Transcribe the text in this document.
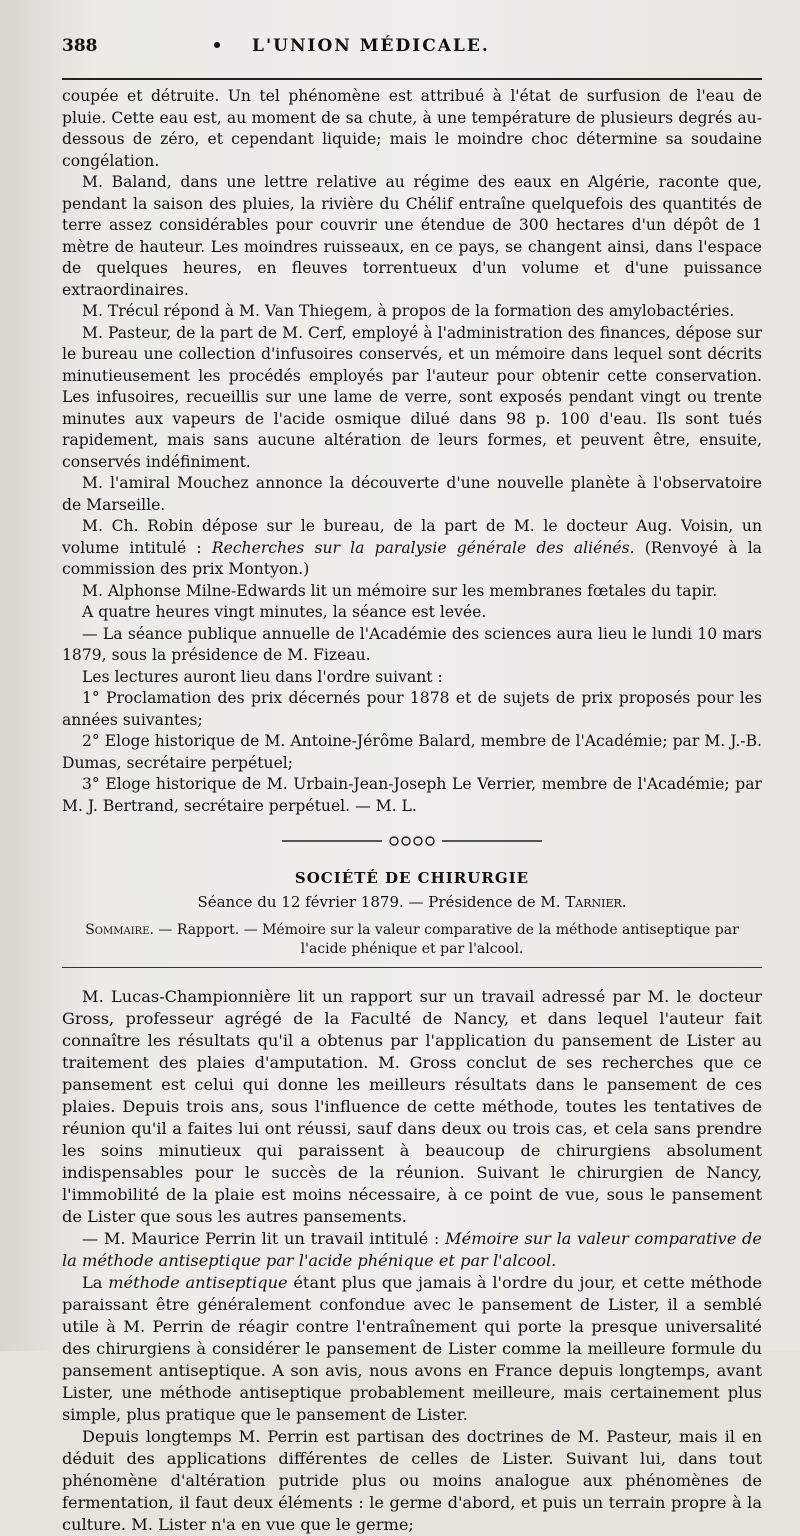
388	•	L'UNION MÉDICALE.

coupée et détruite. Un tel phénomène est attribué à l'état de surfusion de l'eau de pluie. Cette eau est, au moment de sa chute, à une température de plusieurs degrés au-dessous de zéro, et cependant liquide; mais le moindre choc détermine sa soudaine congélation.

M. Baland, dans une lettre relative au régime des eaux en Algérie, raconte que, pendant la saison des pluies, la rivière du Chélif entraîne quelquefois des quantités de terre assez considérables pour couvrir une étendue de 300 hectares d'un dépôt de 1 mètre de hauteur. Les moindres ruisseaux, en ce pays, se changent ainsi, dans l'espace de quelques heures, en fleuves torrentueux d'un volume et d'une puissance extraordinaires.

M. Trécul répond à M. Van Thiegem, à propos de la formation des amylobactéries.

M. Pasteur, de la part de M. Cerf, employé à l'administration des finances, dépose sur le bureau une collection d'infusoires conservés, et un mémoire dans lequel sont décrits minutieusement les procédés employés par l'auteur pour obtenir cette conservation. Les infusoires, recueillis sur une lame de verre, sont exposés pendant vingt ou trente minutes aux vapeurs de l'acide osmique dilué dans 98 p. 100 d'eau. Ils sont tués rapidement, mais sans aucune altération de leurs formes, et peuvent être, ensuite, conservés indéfiniment.

M. l'amiral Mouchez annonce la découverte d'une nouvelle planète à l'observatoire de Marseille.

M. Ch. Robin dépose sur le bureau, de la part de M. le docteur Aug. Voisin, un volume intitulé : Recherches sur la paralysie générale des aliénés. (Renvoyé à la commission des prix Montyon.)

M. Alphonse Milne-Edwards lit un mémoire sur les membranes fœtales du tapir.

A quatre heures vingt minutes, la séance est levée.

— La séance publique annuelle de l'Académie des sciences aura lieu le lundi 10 mars 1879, sous la présidence de M. Fizeau.

Les lectures auront lieu dans l'ordre suivant :

1° Proclamation des prix décernés pour 1878 et de sujets de prix proposés pour les années suivantes;

2° Eloge historique de M. Antoine-Jérôme Balard, membre de l'Académie; par M. J.-B. Dumas, secrétaire perpétuel;

3° Eloge historique de M. Urbain-Jean-Joseph Le Verrier, membre de l'Académie; par M. J. Bertrand, secrétaire perpétuel. — M. L.

SOCIÉTÉ DE CHIRURGIE
Séance du 12 février 1879. — Présidence de M. Tarnier.
Sommaire. — Rapport. — Mémoire sur la valeur comparative de la méthode antiseptique par l'acide phénique et par l'alcool.

M. Lucas-Championnière lit un rapport sur un travail adressé par M. le docteur Gross, professeur agrégé de la Faculté de Nancy, et dans lequel l'auteur fait connaître les résultats qu'il a obtenus par l'application du pansement de Lister au traitement des plaies d'amputation. M. Gross conclut de ses recherches que ce pansement est celui qui donne les meilleurs résultats dans le pansement de ces plaies. Depuis trois ans, sous l'influence de cette méthode, toutes les tentatives de réunion qu'il a faites lui ont réussi, sauf dans deux ou trois cas, et cela sans prendre les soins minutieux qui paraissent à beaucoup de chirurgiens absolument indispensables pour le succès de la réunion. Suivant le chirurgien de Nancy, l'immobilité de la plaie est moins nécessaire, à ce point de vue, sous le pansement de Lister que sous les autres pansements.

— M. Maurice Perrin lit un travail intitulé : Mémoire sur la valeur comparative de la méthode antiseptique par l'acide phénique et par l'alcool.

La méthode antiseptique étant plus que jamais à l'ordre du jour, et cette méthode paraissant être généralement confondue avec le pansement de Lister, il a semblé utile à M. Perrin de réagir contre l'entraînement qui porte la presque universalité des chirurgiens à considérer le pansement de Lister comme la meilleure formule du pansement antiseptique. A son avis, nous avons en France depuis longtemps, avant Lister, une méthode antiseptique probablement meilleure, mais certainement plus simple, plus pratique que le pansement de Lister.

Depuis longtemps M. Perrin est partisan des doctrines de M. Pasteur, mais il en déduit des applications différentes de celles de Lister. Suivant lui, dans tout phénomène d'altération putride plus ou moins analogue aux phénomènes de fermentation, il faut deux éléments : le germe d'abord, et puis un terrain propre à la culture. M. Lister n'a en vue que le germe;
